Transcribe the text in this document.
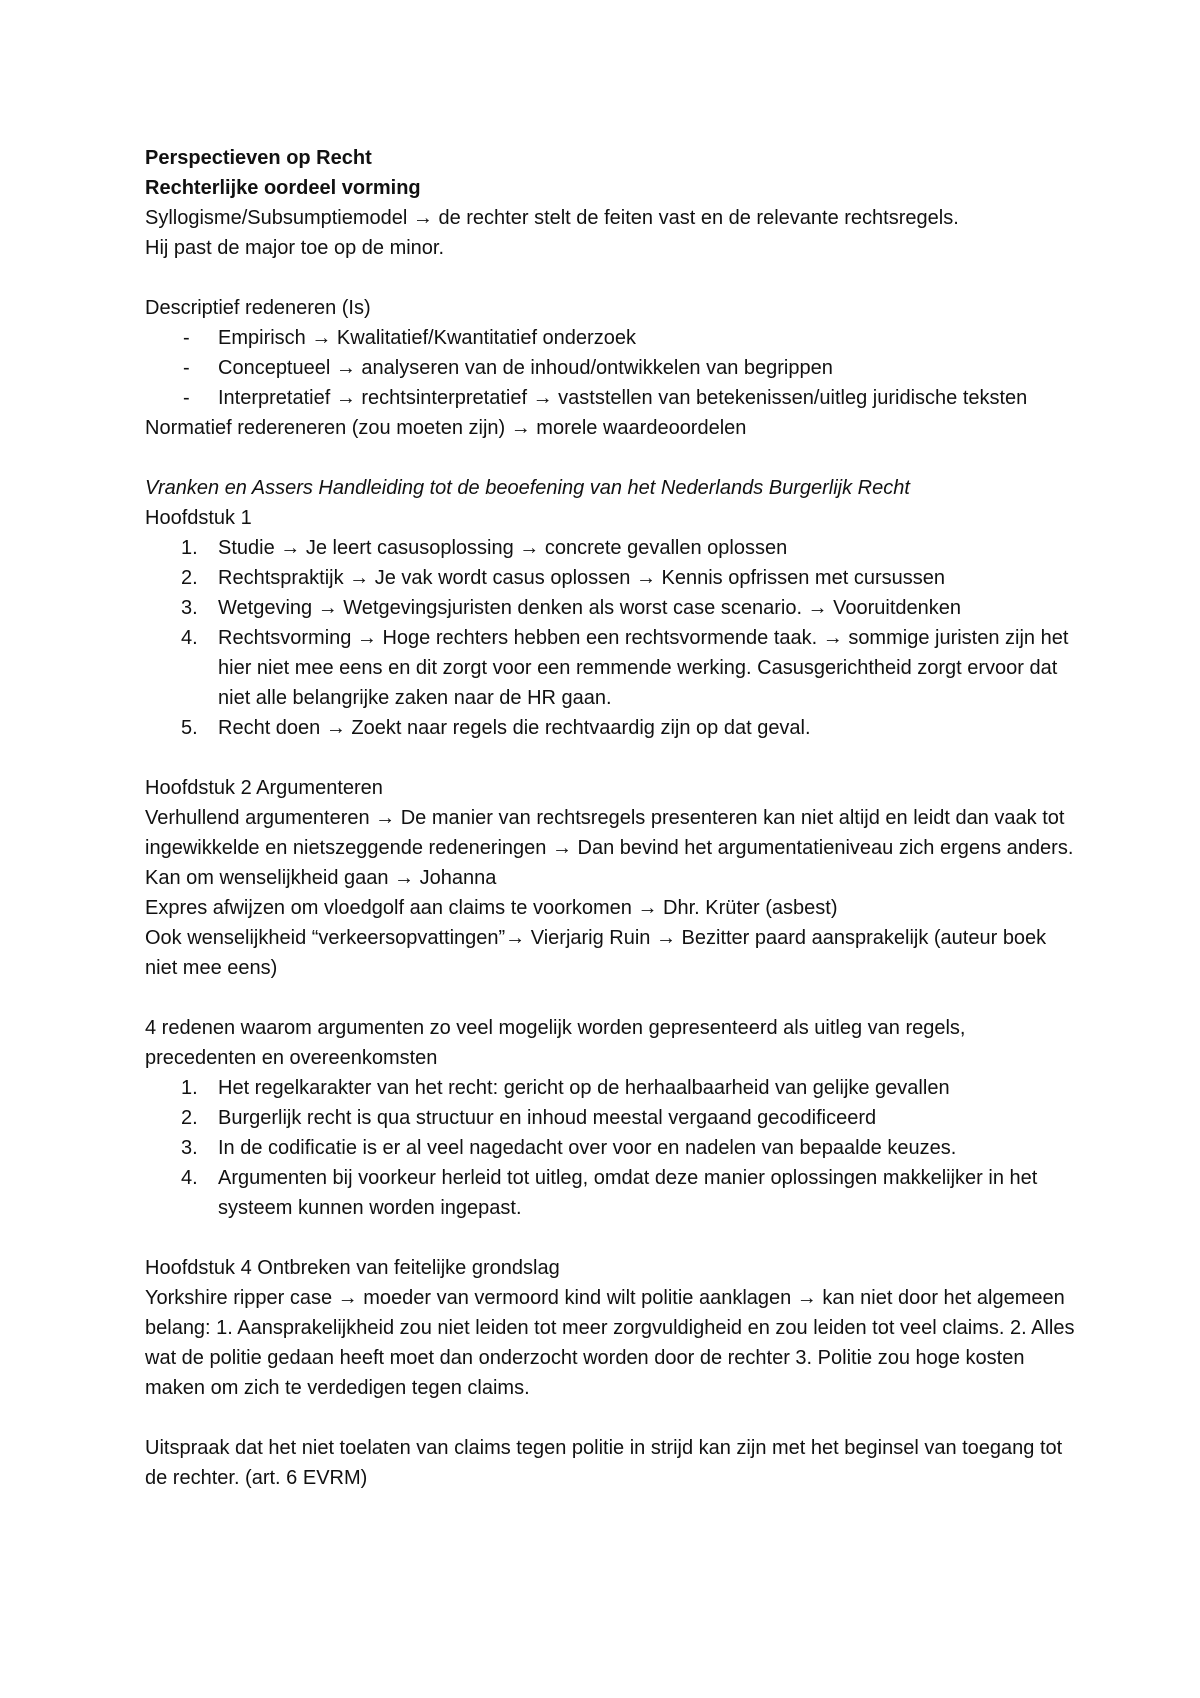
Perspectieven op Recht

Rechterlijke oordeel vorming

Syllogisme/Subsumptiemodel → de rechter stelt de feiten vast en de relevante rechtsregels.

Hij past de major toe op de minor.

Descriptief redeneren (Is)

- Empirisch → Kwalitatief/Kwantitatief onderzoek
- Conceptueel → analyseren van de inhoud/ontwikkelen van begrippen
- Interpretatief → rechtsinterpretatief → vaststellen van betekenissen/uitleg juridische teksten

Normatief redereneren (zou moeten zijn) → morele waardeoordelen

Vranken en Assers Handleiding tot de beoefening van het Nederlands Burgerlijk Recht

Hoofdstuk 1

1. Studie → Je leert casusoplossing → concrete gevallen oplossen
2. Rechtspraktijk → Je vak wordt casus oplossen → Kennis opfrissen met cursussen
3. Wetgeving → Wetgevingsjuristen denken als worst case scenario. → Vooruitdenken
4. Rechtsvorming → Hoge rechters hebben een rechtsvormende taak. → sommige juristen zijn het hier niet mee eens en dit zorgt voor een remmende werking. Casusgerichtheid zorgt ervoor dat niet alle belangrijke zaken naar de HR gaan.
5. Recht doen → Zoekt naar regels die rechtvaardig zijn op dat geval.

Hoofdstuk 2 Argumenteren

Verhullend argumenteren → De manier van rechtsregels presenteren kan niet altijd en leidt dan vaak tot ingewikkelde en nietszeggende redeneringen → Dan bevind het argumentatieniveau zich ergens anders.

Kan om wenselijkheid gaan → Johanna

Expres afwijzen om vloedgolf aan claims te voorkomen → Dhr. Krüter (asbest)

Ook wenselijkheid “verkeersopvattingen”→ Vierjarig Ruin → Bezitter paard aansprakelijk (auteur boek niet mee eens)

4 redenen waarom argumenten zo veel mogelijk worden gepresenteerd als uitleg van regels, precedenten en overeenkomsten

1. Het regelkarakter van het recht: gericht op de herhaalbaarheid van gelijke gevallen
2. Burgerlijk recht is qua structuur en inhoud meestal vergaand gecodificeerd
3. In de codificatie is er al veel nagedacht over voor en nadelen van bepaalde keuzes.
4. Argumenten bij voorkeur herleid tot uitleg, omdat deze manier oplossingen makkelijker in het systeem kunnen worden ingepast.

Hoofdstuk 4 Ontbreken van feitelijke grondslag

Yorkshire ripper case → moeder van vermoord kind wilt politie aanklagen → kan niet door het algemeen belang: 1. Aansprakelijkheid zou niet leiden tot meer zorgvuldigheid en zou leiden tot veel claims. 2. Alles wat de politie gedaan heeft moet dan onderzocht worden door de rechter 3. Politie zou hoge kosten maken om zich te verdedigen tegen claims.

Uitspraak dat het niet toelaten van claims tegen politie in strijd kan zijn met het beginsel van toegang tot de rechter. (art. 6 EVRM)
